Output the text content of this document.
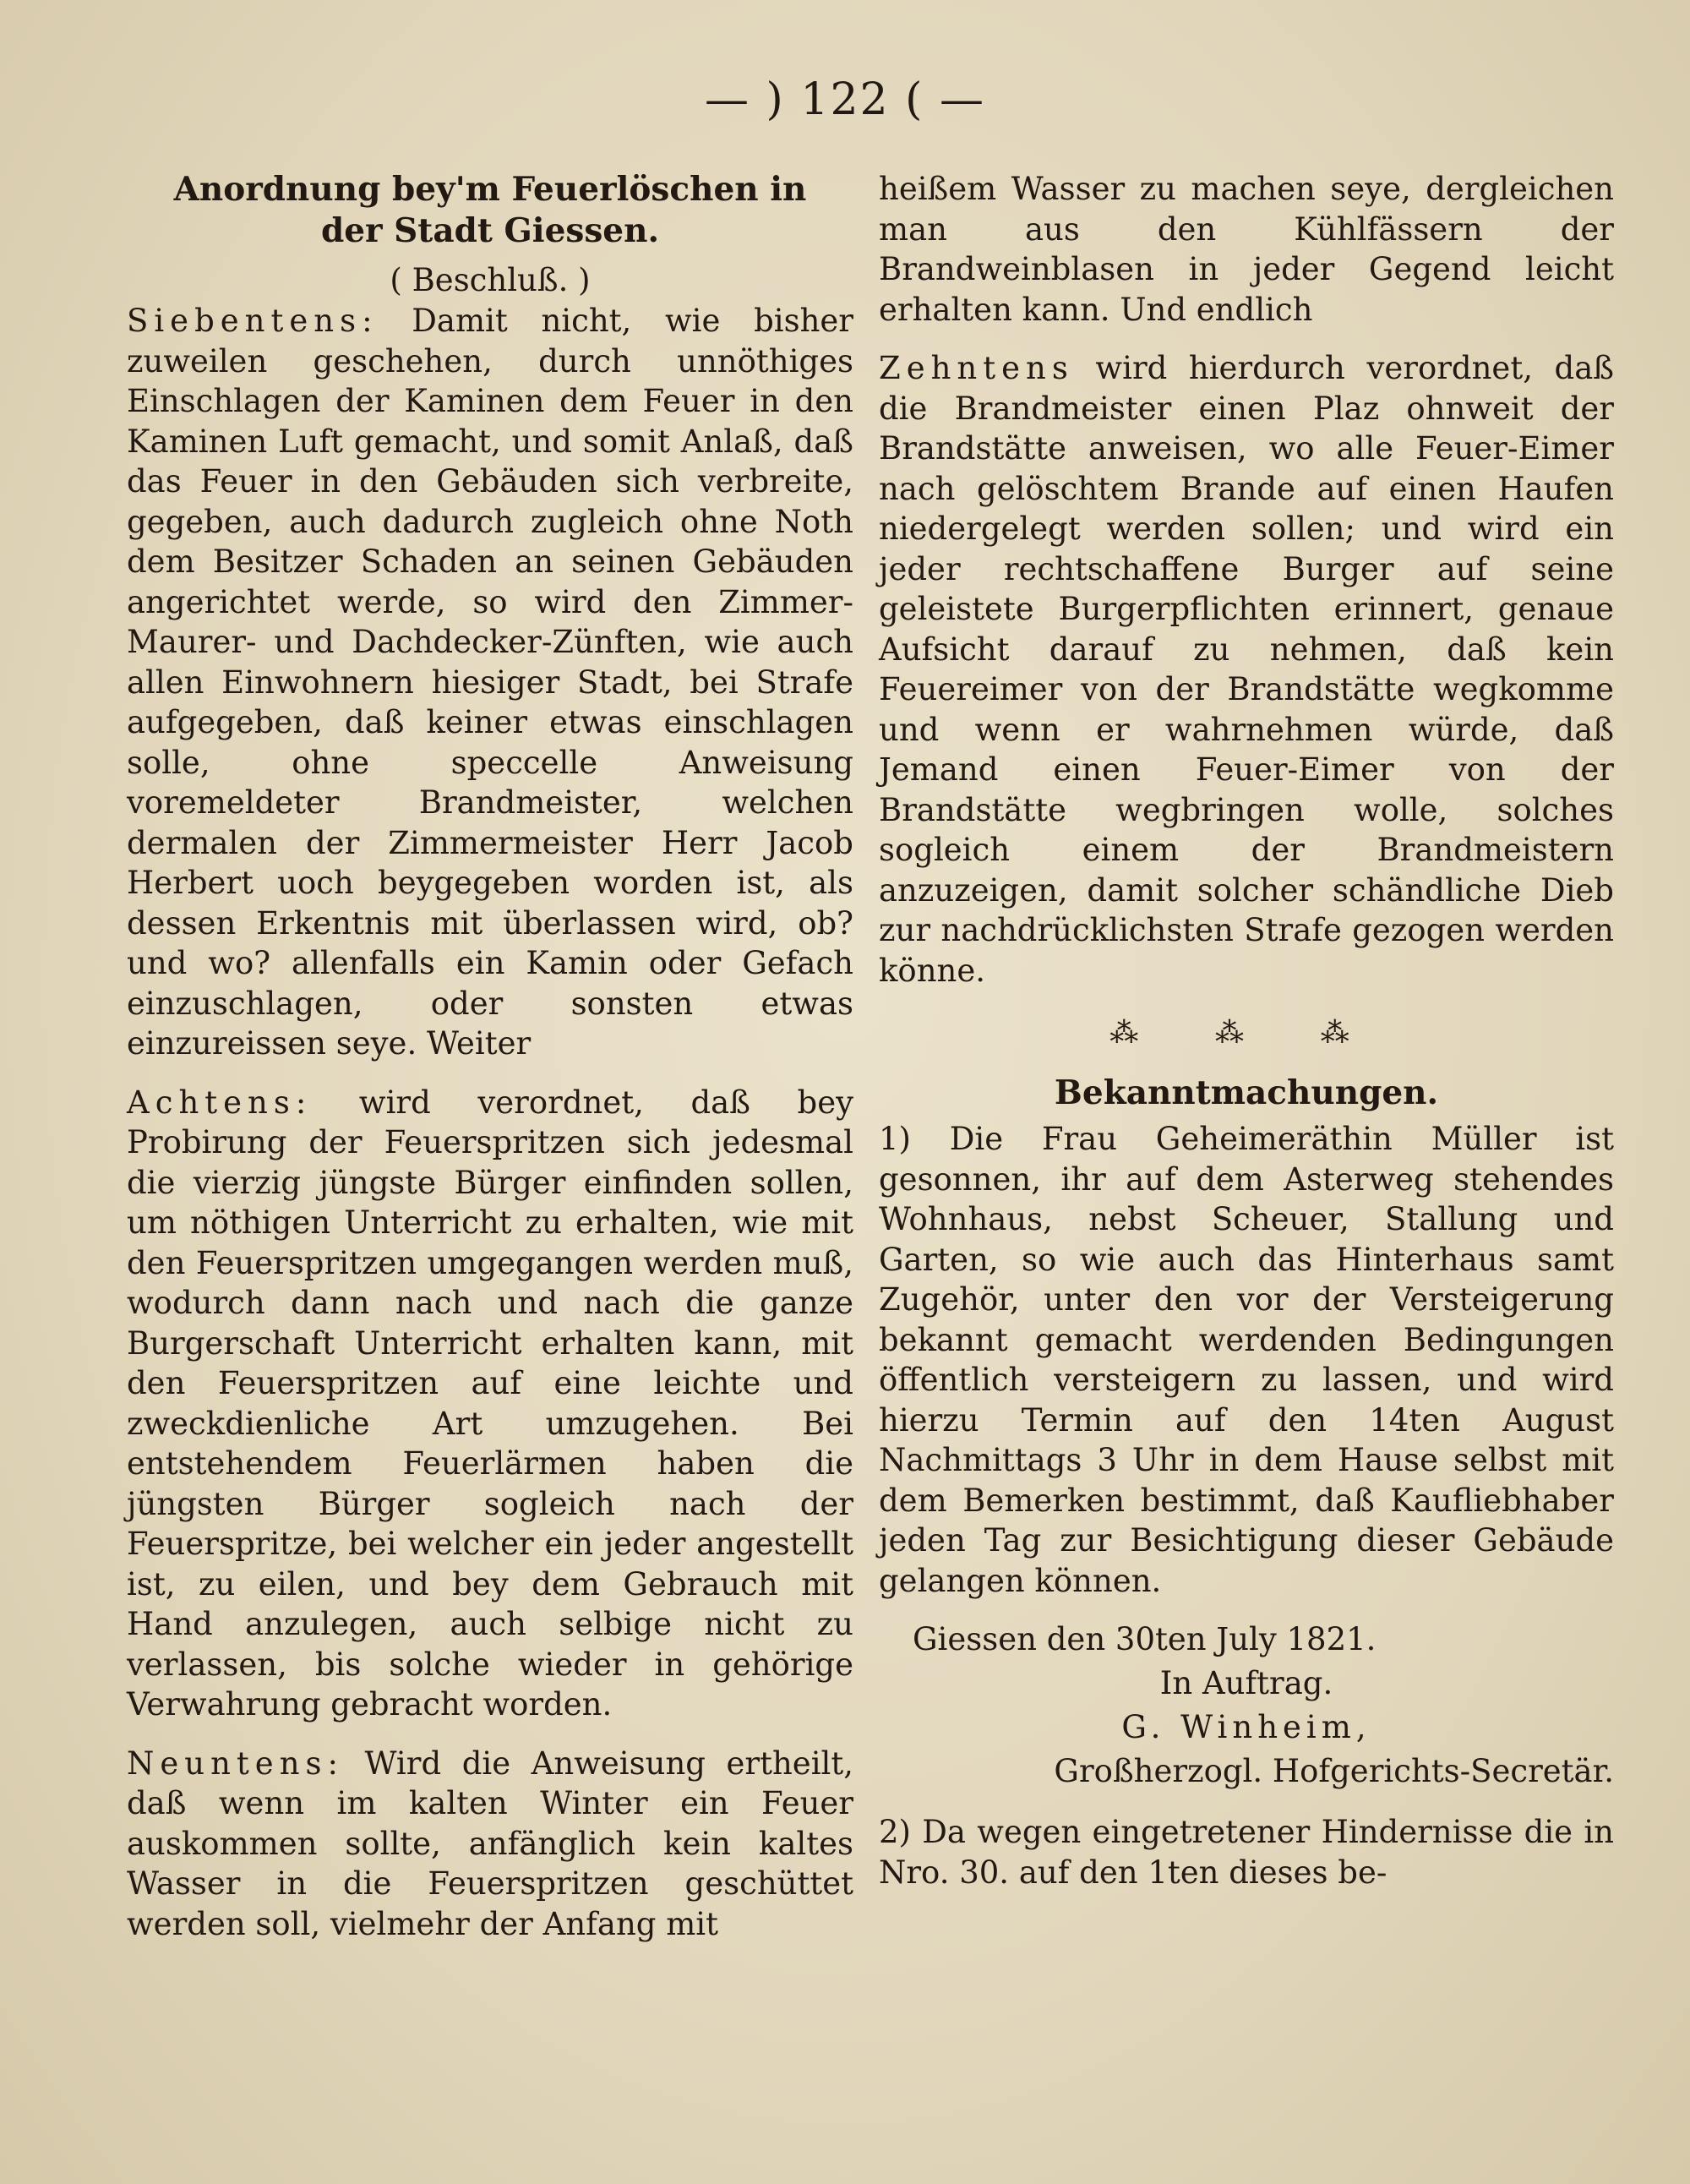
— ) 122 ( —
Anordnung bey'm Feuerlöschen in
der Stadt Giessen.

( Beschluß. )

Siebentens: Damit nicht, wie bisher zuweilen geschehen, durch unnöthiges Einschlagen der Kaminen dem Feuer in den Kaminen Luft gemacht, und somit Anlaß, daß das Feuer in den Gebäuden sich verbreite, gegeben, auch dadurch zugleich ohne Noth dem Besitzer Schaden an seinen Gebäuden angerichtet werde, so wird den Zimmer- Maurer- und Dachdecker-Zünften, wie auch allen Einwohnern hiesiger Stadt, bei Strafe aufgegeben, daß keiner etwas einschlagen solle, ohne speccelle Anweisung voremeldeter Brandmeister, welchen dermalen der Zimmermeister Herr Jacob Herbert uoch beygegeben worden ist, als dessen Erkentnis mit überlassen wird, ob? und wo? allenfalls ein Kamin oder Gefach einzuschlagen, oder sonsten etwas einzureissen seye. Weiter

Achtens: wird verordnet, daß bey Probirung der Feuerspritzen sich jedesmal die vierzig jüngste Bürger einfinden sollen, um nöthigen Unterricht zu erhalten, wie mit den Feuerspritzen umgegangen werden muß, wodurch dann nach und nach die ganze Burgerschaft Unterricht erhalten kann, mit den Feuerspritzen auf eine leichte und zweckdienliche Art umzugehen. Bei entstehendem Feuerlärmen haben die jüngsten Bürger sogleich nach der Feuerspritze, bei welcher ein jeder angestellt ist, zu eilen, und bey dem Gebrauch mit Hand anzulegen, auch selbige nicht zu verlassen, bis solche wieder in gehörige Verwahrung gebracht worden.

Neuntens: Wird die Anweisung ertheilt, daß wenn im kalten Winter ein Feuer auskommen sollte, anfänglich kein kaltes Wasser in die Feuerspritzen geschüttet werden soll, vielmehr der Anfang mit

heißem Wasser zu machen seye, dergleichen man aus den Kühlfässern der Brandweinblasen in jeder Gegend leicht erhalten kann. Und endlich

Zehntens wird hierdurch verordnet, daß die Brandmeister einen Plaz ohnweit der Brandstätte anweisen, wo alle Feuer-Eimer nach gelöschtem Brande auf einen Haufen niedergelegt werden sollen; und wird ein jeder rechtschaffene Burger auf seine geleistete Burgerpflichten erinnert, genaue Aufsicht darauf zu nehmen, daß kein Feuereimer von der Brandstätte wegkomme und wenn er wahrnehmen würde, daß Jemand einen Feuer-Eimer von der Brandstätte wegbringen wolle, solches sogleich einem der Brandmeistern anzuzeigen, damit solcher schändliche Dieb zur nachdrücklichsten Strafe gezogen werden könne.

⁂ ⁂ ⁂
Bekanntmachungen.

1) Die Frau Geheimeräthin Müller ist gesonnen, ihr auf dem Asterweg stehendes Wohnhaus, nebst Scheuer, Stallung und Garten, so wie auch das Hinterhaus samt Zugehör, unter den vor der Versteigerung bekannt gemacht werdenden Bedingungen öffentlich versteigern zu lassen, und wird hierzu Termin auf den 14ten August Nachmittags 3 Uhr in dem Hause selbst mit dem Bemerken bestimmt, daß Kaufliebhaber jeden Tag zur Besichtigung dieser Gebäude gelangen können.

Giessen den 30ten July 1821.

In Auftrag.

G. Winheim,

Großherzogl. Hofgerichts-Secretär.

2) Da wegen eingetretener Hindernisse die in Nro. 30. auf den 1ten dieses be-
